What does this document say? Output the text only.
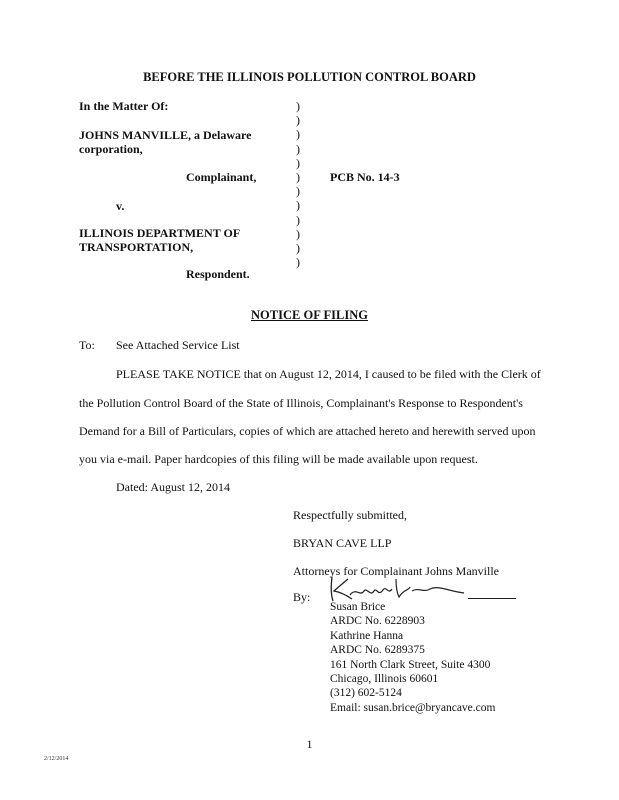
BEFORE THE ILLINOIS POLLUTION CONTROL BOARD
In the Matter Of:
JOHNS MANVILLE, a Delaware
corporation,
Complainant,
v.
ILLINOIS DEPARTMENT OF
TRANSPORTATION,
Respondent.
)
)
)
)
)
)
)
)
)
)
)
)
PCB No. 14-3
NOTICE OF FILING
To: See Attached Service List
PLEASE TAKE NOTICE that on August 12, 2014, I caused to be filed with the Clerk of
the Pollution Control Board of the State of Illinois, Complainant's Response to Respondent's
Demand for a Bill of Particulars, copies of which are attached hereto and herewith served upon
you via e-mail. Paper hardcopies of this filing will be made available upon request.
Dated: August 12, 2014
Respectfully submitted,
BRYAN CAVE LLP
Attorneys for Complainant Johns Manville
By:
Susan Brice
ARDC No. 6228903
Kathrine Hanna
ARDC No. 6289375
161 North Clark Street, Suite 4300
Chicago, Illinois 60601
(312) 602-5124
Email: susan.brice@bryancave.com
1
2/12/2014
